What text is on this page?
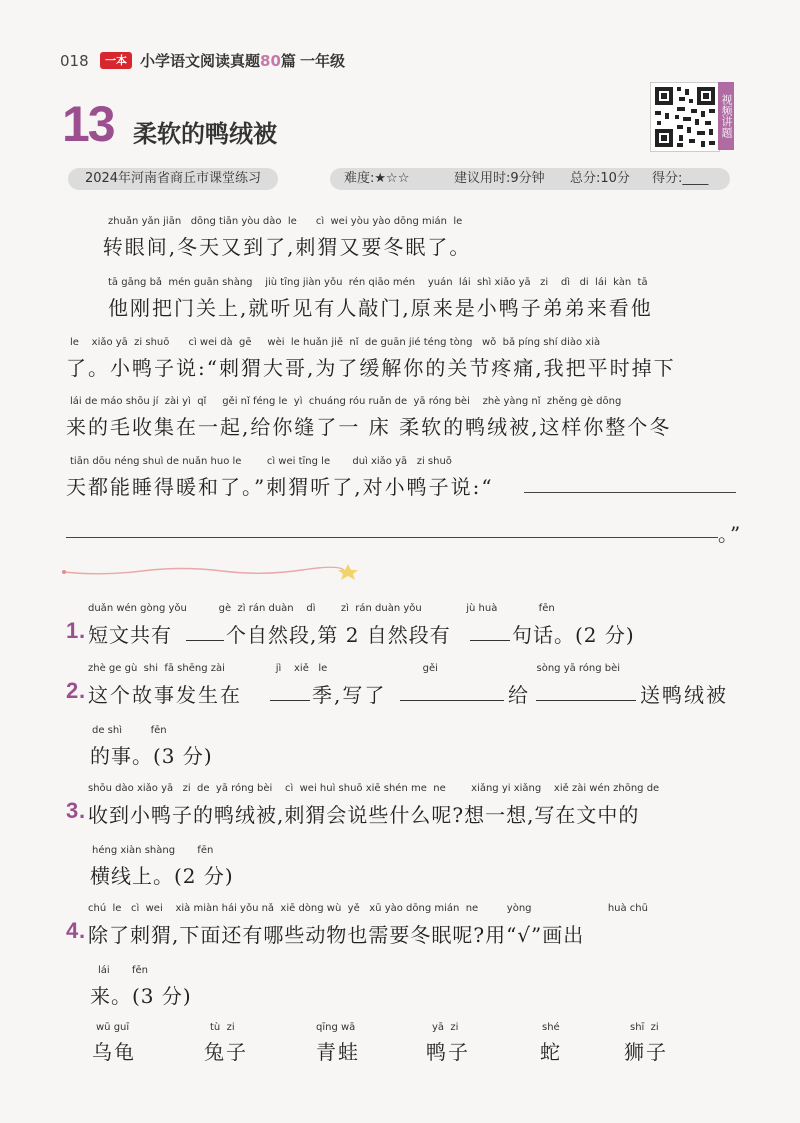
018	一本 小学语文阅读真题80篇 一年级
13 柔软的鸭绒被	视频讲题
2024年河南省商丘市课堂练习	难度:★☆☆	建议用时:9分钟 总分:10分 得分:____
zhuǎn yǎn jiān   dōng tiān yòu dào  le      cì  wei yòu yào dōng mián  le
转眼间,冬天又到了,刺猬又要冬眠了。
tā gāng bǎ  mén guān shàng    jiù tīng jiàn yǒu  rén qiāo mén    yuán  lái  shì xiǎo yā   zi    dì   di  lái  kàn  tā
他刚把门关上,就听见有人敲门,原来是小鸭子弟弟来看他
le    xiǎo yā  zi shuō      cì wei dà  gē     wèi  le huǎn jiě  nǐ  de guān jié téng tòng   wǒ  bǎ píng shí diào xià
了。小鸭子说:“刺猬大哥,为了缓解你的关节疼痛,我把平时掉下
lái de máo shōu jí  zài yì  qǐ     gěi nǐ féng le  yì  chuáng róu ruǎn de  yā róng bèi    zhè yàng nǐ  zhěng gè dōng
来的毛收集在一起,给你缝了一 床 柔软的鸭绒被,这样你整个冬
tiān dōu néng shuì de nuǎn huo le        cì wei tīng le       duì xiǎo yā   zi shuō
天都能睡得暖和了。”刺猬听了,对小鸭子说:“
。”
duǎn wén gòng yǒu          gè  zì rán duàn    dì        zì  rán duàn yǒu              jù huà             fēn
1 . 短文共有	个自然段,第 2 自然段有	句话。(2 分)
zhè ge gù  shi  fā shēng zài                jì    xiě   le                              gěi                               sòng yā róng bèi
2 . 这个故事发生在	季,写了	给	送鸭绒被
de shì         fēn
的事。(3 分)
shōu dào xiǎo yā   zi  de  yā róng bèi    cì  wei huì shuō xiē shén me  ne        xiǎng yi xiǎng    xiě zài wén zhōng de
3 . 收到小鸭子的鸭绒被,刺猬会说些什么呢?想一想,写在文中的
héng xiàn shàng       fēn
横线上。(2 分)
chú  le   cì  wei    xià miàn hái yǒu nǎ  xiē dòng wù  yě   xū yào dōng mián  ne         yòng                        huà chū
4 . 除了刺猬,下面还有哪些动物也需要冬眠呢?用“√”画出
lái       fēn
来。(3 分)
wū guī
乌龟
tù  zi
兔子
qīng wā
青蛙
yā  zi
鸭子
shé
蛇
shī  zi
狮子
